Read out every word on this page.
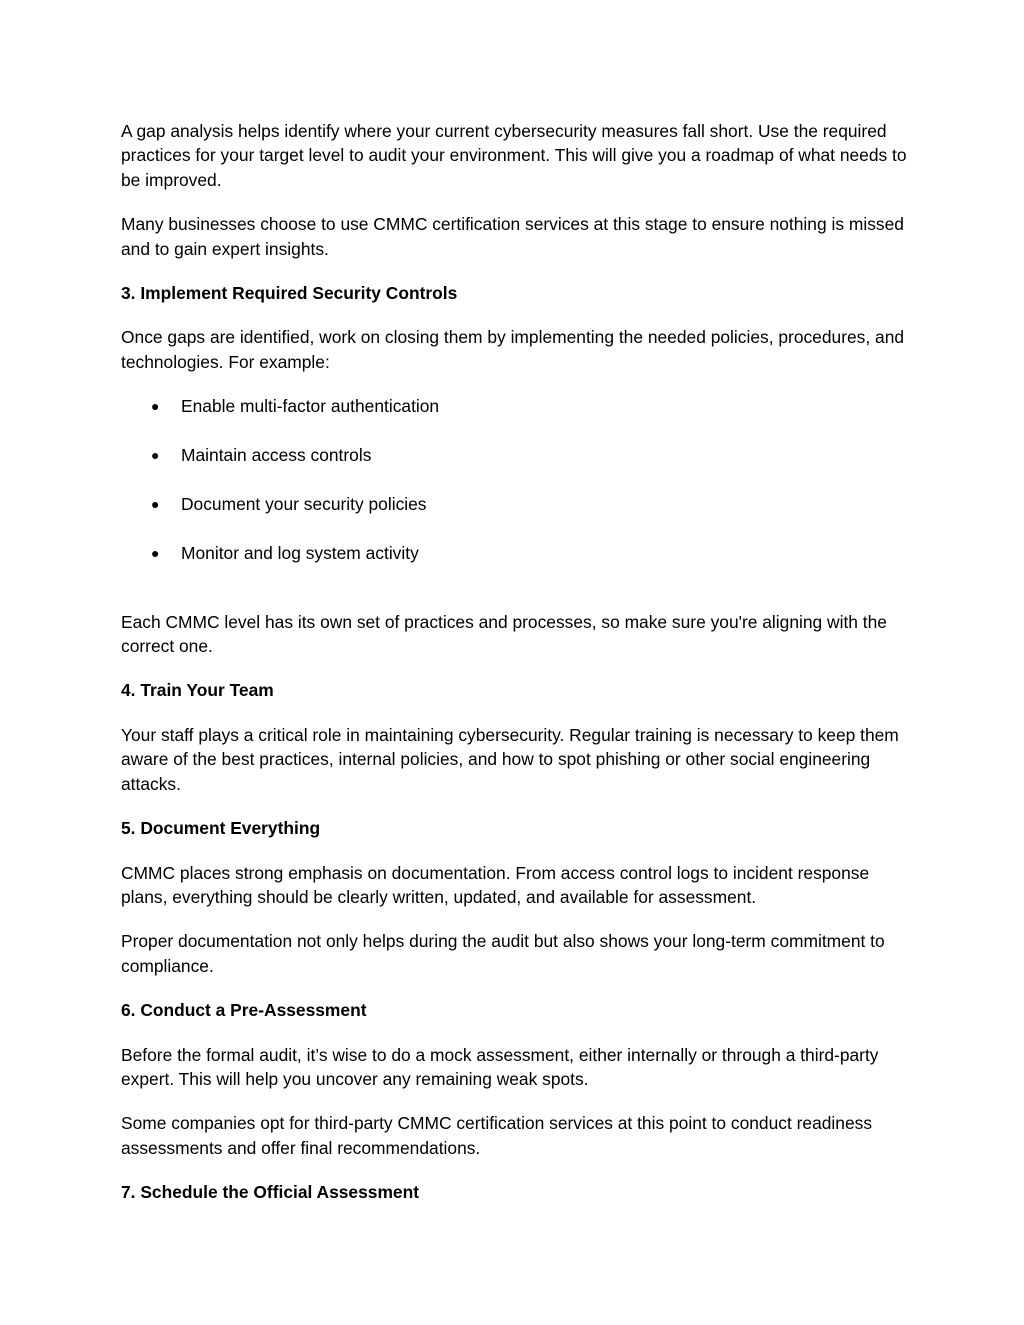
A gap analysis helps identify where your current cybersecurity measures fall short. Use the required practices for your target level to audit your environment. This will give you a roadmap of what needs to be improved.

Many businesses choose to use CMMC certification services at this stage to ensure nothing is missed and to gain expert insights.

3. Implement Required Security Controls

Once gaps are identified, work on closing them by implementing the needed policies, procedures, and technologies. For example:

● Enable multi-factor authentication
● Maintain access controls
● Document your security policies
● Monitor and log system activity

Each CMMC level has its own set of practices and processes, so make sure you're aligning with the correct one.

4. Train Your Team

Your staff plays a critical role in maintaining cybersecurity. Regular training is necessary to keep them aware of the best practices, internal policies, and how to spot phishing or other social engineering attacks.

5. Document Everything

CMMC places strong emphasis on documentation. From access control logs to incident response plans, everything should be clearly written, updated, and available for assessment.

Proper documentation not only helps during the audit but also shows your long-term commitment to compliance.

6. Conduct a Pre-Assessment

Before the formal audit, it’s wise to do a mock assessment, either internally or through a third-party expert. This will help you uncover any remaining weak spots.

Some companies opt for third-party CMMC certification services at this point to conduct readiness assessments and offer final recommendations.

7. Schedule the Official Assessment
